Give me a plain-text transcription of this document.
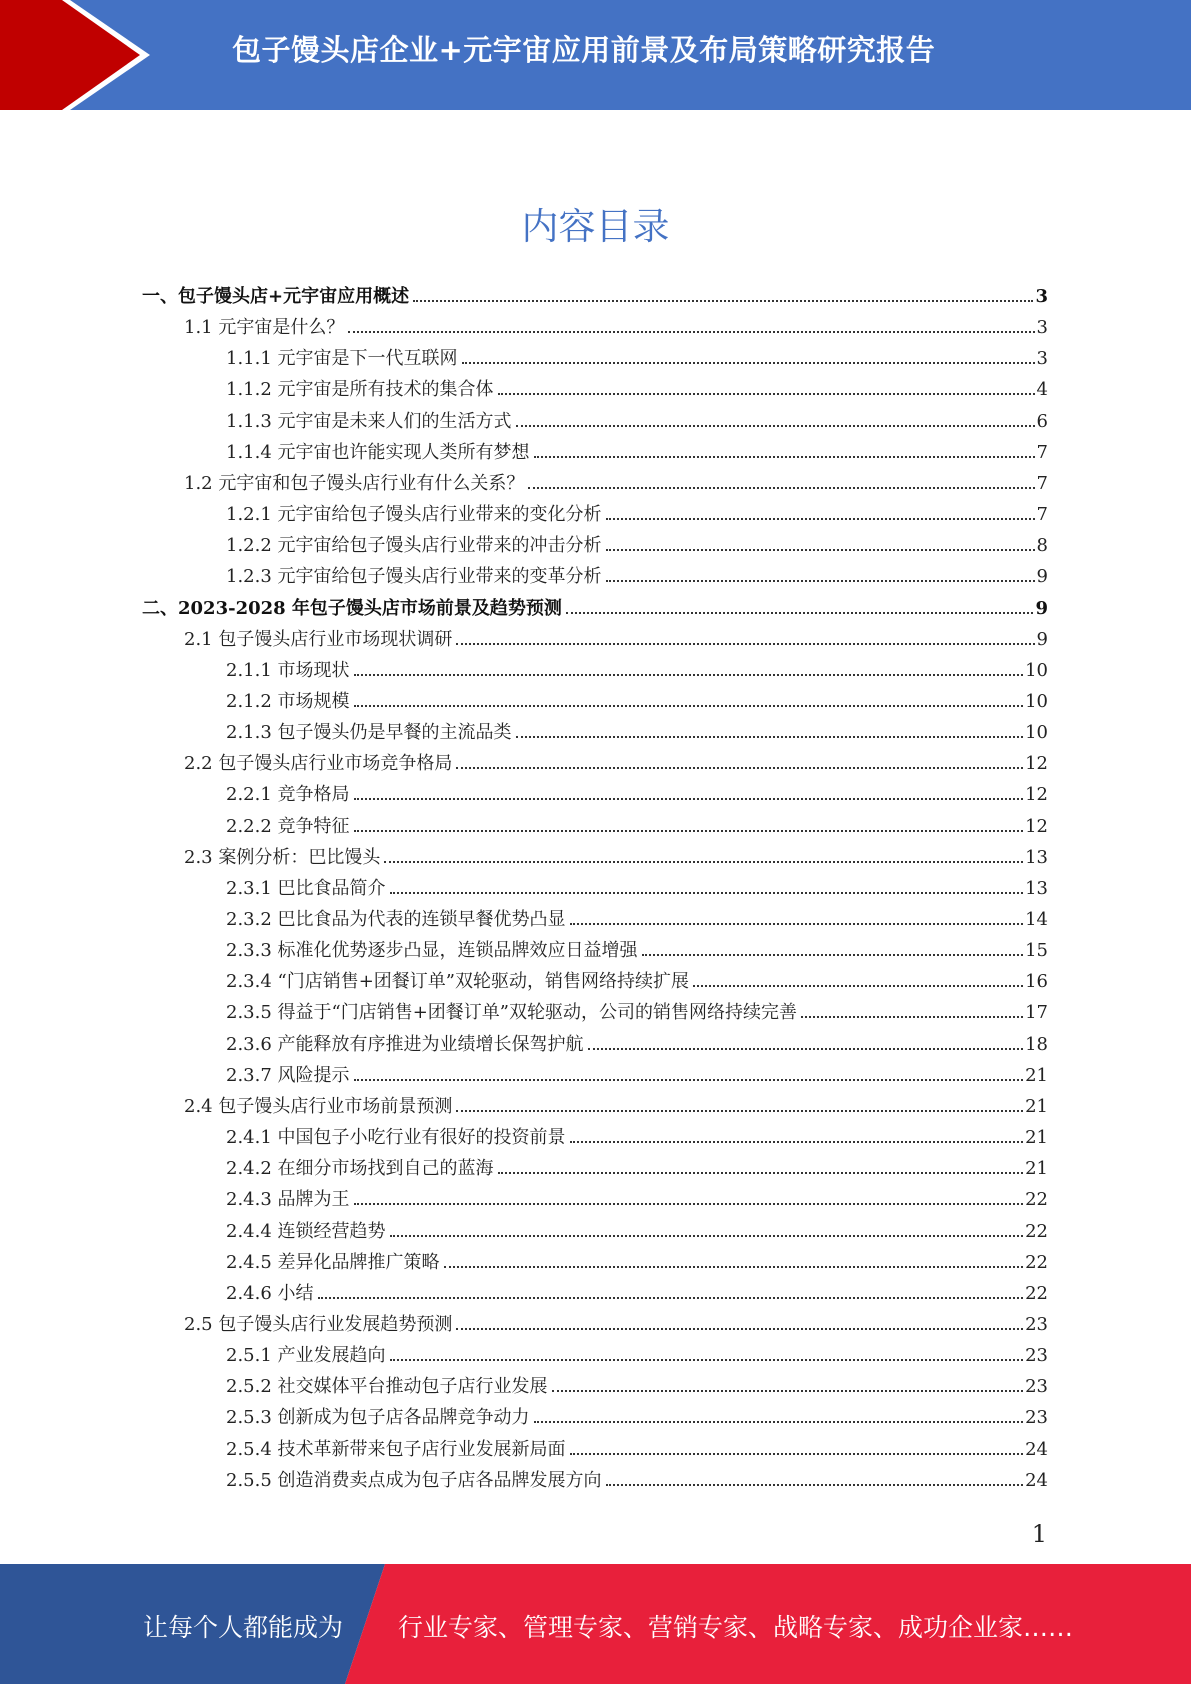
包子馒头店企业+元宇宙应用前景及布局策略研究报告
内容目录
一、包子馒头店+元宇宙应用概述	3
1.1 元宇宙是什么？	3
1.1.1 元宇宙是下一代互联网	3
1.1.2 元宇宙是所有技术的集合体	4
1.1.3 元宇宙是未来人们的生活方式	6
1.1.4 元宇宙也许能实现人类所有梦想	7
1.2 元宇宙和包子馒头店行业有什么关系？	7
1.2.1 元宇宙给包子馒头店行业带来的变化分析	7
1.2.2 元宇宙给包子馒头店行业带来的冲击分析	8
1.2.3 元宇宙给包子馒头店行业带来的变革分析	9
二、2023-2028 年包子馒头店市场前景及趋势预测	9
2.1 包子馒头店行业市场现状调研	9
2.1.1 市场现状	10
2.1.2 市场规模	10
2.1.3 包子馒头仍是早餐的主流品类	10
2.2 包子馒头店行业市场竞争格局	12
2.2.1 竞争格局	12
2.2.2 竞争特征	12
2.3 案例分析：巴比馒头	13
2.3.1 巴比食品简介	13
2.3.2 巴比食品为代表的连锁早餐优势凸显	14
2.3.3 标准化优势逐步凸显，连锁品牌效应日益增强	15
2.3.4 “门店销售+团餐订单”双轮驱动，销售网络持续扩展	16
2.3.5 得益于“门店销售+团餐订单”双轮驱动，公司的销售网络持续完善	17
2.3.6 产能释放有序推进为业绩增长保驾护航	18
2.3.7 风险提示	21
2.4 包子馒头店行业市场前景预测	21
2.4.1 中国包子小吃行业有很好的投资前景	21
2.4.2 在细分市场找到自己的蓝海	21
2.4.3 品牌为王	22
2.4.4 连锁经营趋势	22
2.4.5 差异化品牌推广策略	22
2.4.6 小结	22
2.5 包子馒头店行业发展趋势预测	23
2.5.1 产业发展趋向	23
2.5.2 社交媒体平台推动包子店行业发展	23
2.5.3 创新成为包子店各品牌竞争动力	23
2.5.4 技术革新带来包子店行业发展新局面	24
2.5.5 创造消费卖点成为包子店各品牌发展方向	24
1
让每个人都能成为 行业专家、管理专家、营销专家、战略专家、成功企业家……
